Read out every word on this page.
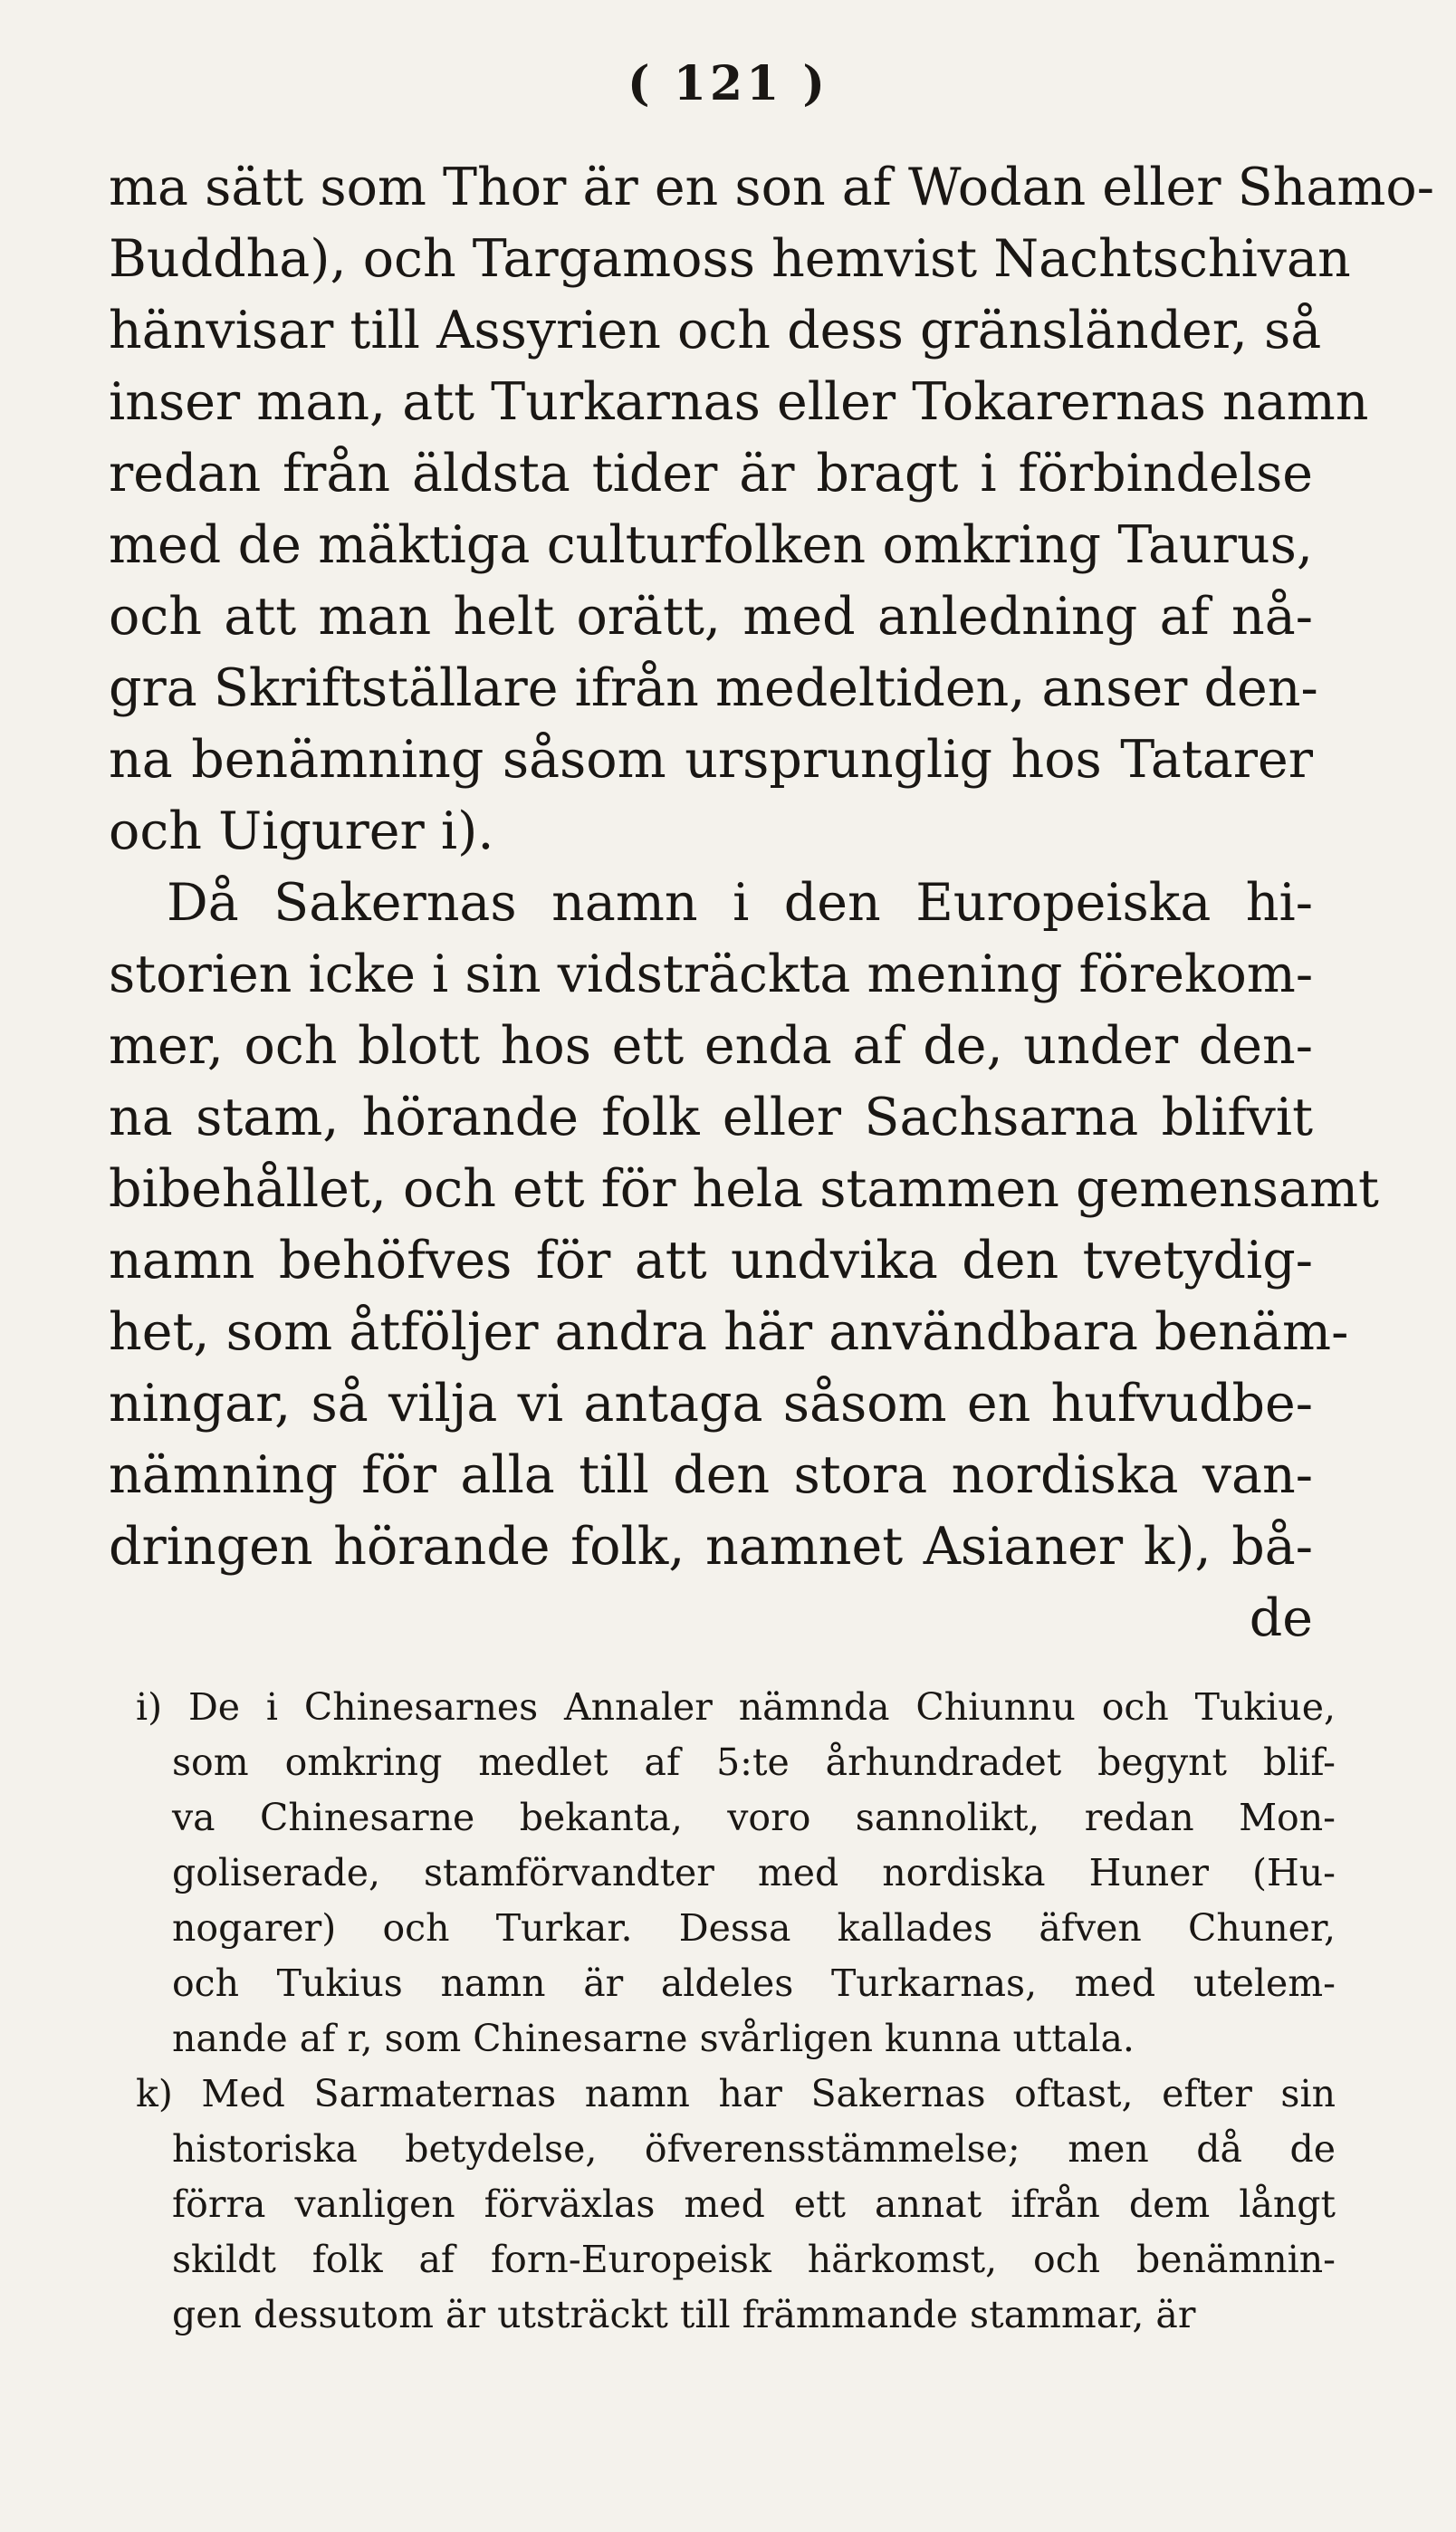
( 121 )
ma sätt som Thor är en son af Wodan eller Shamo-
Buddha), och Targamoss hemvist Nachtschivan
hänvisar till Assyrien och dess gränsländer, så
inser man, att Turkarnas eller Tokarernas namn
redan från äldsta tider är bragt i förbindelse
med de mäktiga culturfolken omkring Taurus,
och att man helt orätt, med anledning af nå-
gra Skriftställare ifrån medeltiden, anser den-
na benämning såsom ursprunglig hos Tatarer
och Uigurer i).
Då Sakernas namn i den Europeiska hi-
storien icke i sin vidsträckta mening förekom-
mer, och blott hos ett enda af de, under den-
na stam, hörande folk eller Sachsarna blifvit
bibehållet, och ett för hela stammen gemensamt
namn behöfves för att undvika den tvetydig-
het, som åtföljer andra här användbara benäm-
ningar, så vilja vi antaga såsom en hufvudbe-
nämning för alla till den stora nordiska van-
dringen hörande folk, namnet Asianer k), bå-
de
i) De i Chinesarnes Annaler nämnda Chiunnu och Tukiue,
som omkring medlet af 5:te århundradet begynt blif-
va Chinesarne bekanta, voro sannolikt, redan Mon-
goliserade, stamförvandter med nordiska Huner (Hu-
nogarer) och Turkar. Dessa kallades äfven Chuner,
och Tukius namn är aldeles Turkarnas, med utelem-
nande af r, som Chinesarne svårligen kunna uttala.
k) Med Sarmaternas namn har Sakernas oftast, efter sin
historiska betydelse, öfverensstämmelse; men då de
förra vanligen förväxlas med ett annat ifrån dem långt
skildt folk af forn-Europeisk härkomst, och benämnin-
gen dessutom är utsträckt till främmande stammar, är
